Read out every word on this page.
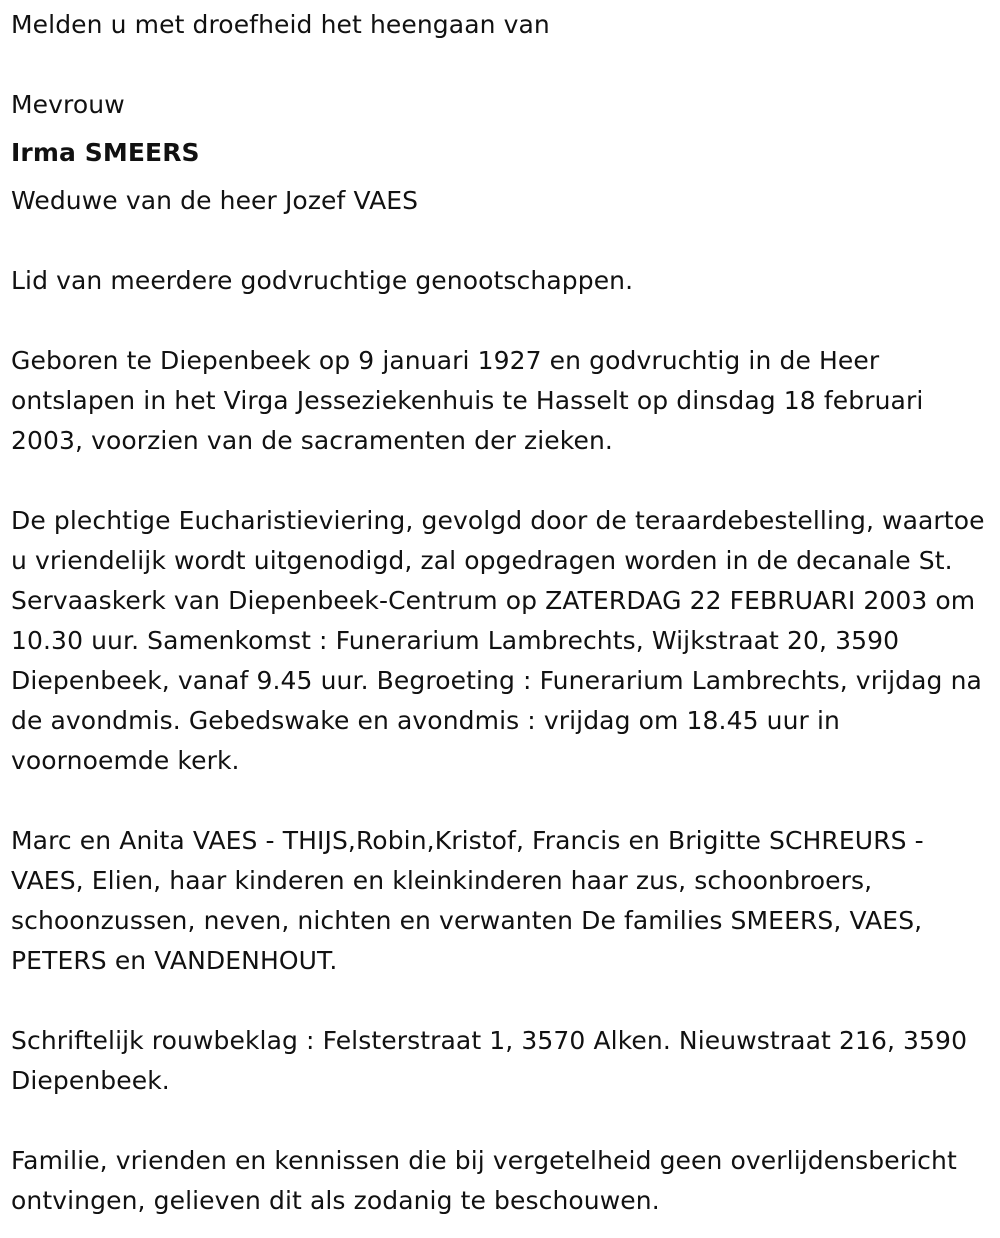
Melden u met droefheid het heengaan van

Mevrouw

Irma SMEERS

Weduwe van de heer Jozef VAES

Lid van meerdere godvruchtige genootschappen.

Geboren te Diepenbeek op 9 januari 1927 en godvruchtig in de Heer ontslapen in het Virga Jesseziekenhuis te Hasselt op dinsdag 18 februari 2003, voorzien van de sacramenten der zieken.

De plechtige Eucharistieviering, gevolgd door de teraardebestelling, waartoe u vriendelijk wordt uitgenodigd, zal opgedragen worden in de decanale St. Servaaskerk van Diepenbeek-Centrum op ZATERDAG 22 FEBRUARI 2003 om 10.30 uur. Samenkomst : Funerarium Lambrechts, Wijkstraat 20, 3590 Diepenbeek, vanaf 9.45 uur. Begroeting : Funerarium Lambrechts, vrijdag na de avondmis. Gebedswake en avondmis : vrijdag om 18.45 uur in voornoemde kerk.

Marc en Anita VAES - THIJS,Robin,Kristof, Francis en Brigitte SCHREURS - VAES, Elien, haar kinderen en kleinkinderen haar zus, schoonbroers, schoonzussen, neven, nichten en verwanten De families SMEERS, VAES, PETERS en VANDENHOUT.

Schriftelijk rouwbeklag : Felsterstraat 1, 3570 Alken. Nieuwstraat 216, 3590 Diepenbeek.

Familie, vrienden en kennissen die bij vergetelheid geen overlijdensbericht ontvingen, gelieven dit als zodanig te beschouwen.
